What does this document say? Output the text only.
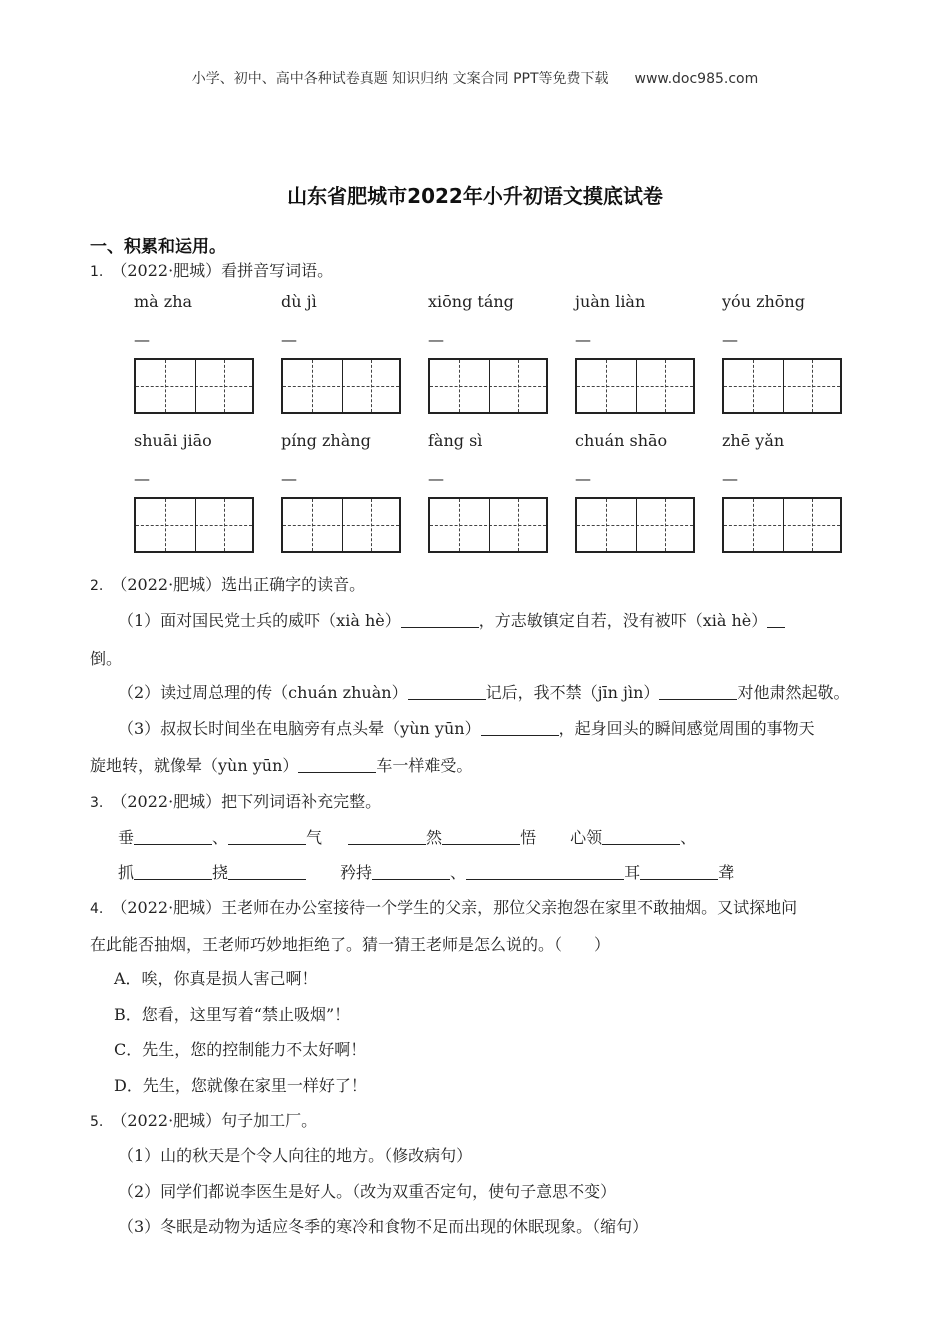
小学、初中、高中各种试卷真题 知识归纳 文案合同 PPT等免费下载 www.doc985.com
山东省肥城市2022年小升初语文摸底试卷
一、积累和运用。
1. （2022·肥城）看拼音写词语。
mà zha	dù jì	xiōng táng	juàn liàn	yóu zhōng
—	—	—	—	—
shuāi jiāo	píng zhàng	fàng sì	chuán shāo	zhē yǎn
—	—	—	—	—
2. （2022·肥城）选出正确字的读音。
（1）面对国民党士兵的威吓（xià hè）	，方志敏镇定自若，没有被吓（xià hè）
倒。
（2）读过周总理的传（chuán zhuàn）	记后，我不禁（jīn jìn）	对他肃然起敬。
（3）叔叔长时间坐在电脑旁有点头晕（yùn yūn）	，起身回头的瞬间感觉周围的事物天
旋地转，就像晕（yùn yūn）	车一样难受。
3. （2022·肥城）把下列词语补充完整。
垂	、	气	然	悟 心领	、
抓	挠	矜持	、	耳	聋
4. （2022·肥城）王老师在办公室接待一个学生的父亲，那位父亲抱怨在家里不敢抽烟。又试探地问
在此能否抽烟，王老师巧妙地拒绝了。猜一猜王老师是怎么说的。（　　）
A．唉，你真是损人害己啊！
B．您看，这里写着“禁止吸烟”！
C．先生，您的控制能力不太好啊！
D．先生，您就像在家里一样好了！
5. （2022·肥城）句子加工厂。
（1）山的秋天是个令人向往的地方。（修改病句）
（2）同学们都说李医生是好人。（改为双重否定句，使句子意思不变）
（3）冬眠是动物为适应冬季的寒冷和食物不足而出现的休眠现象。（缩句）
